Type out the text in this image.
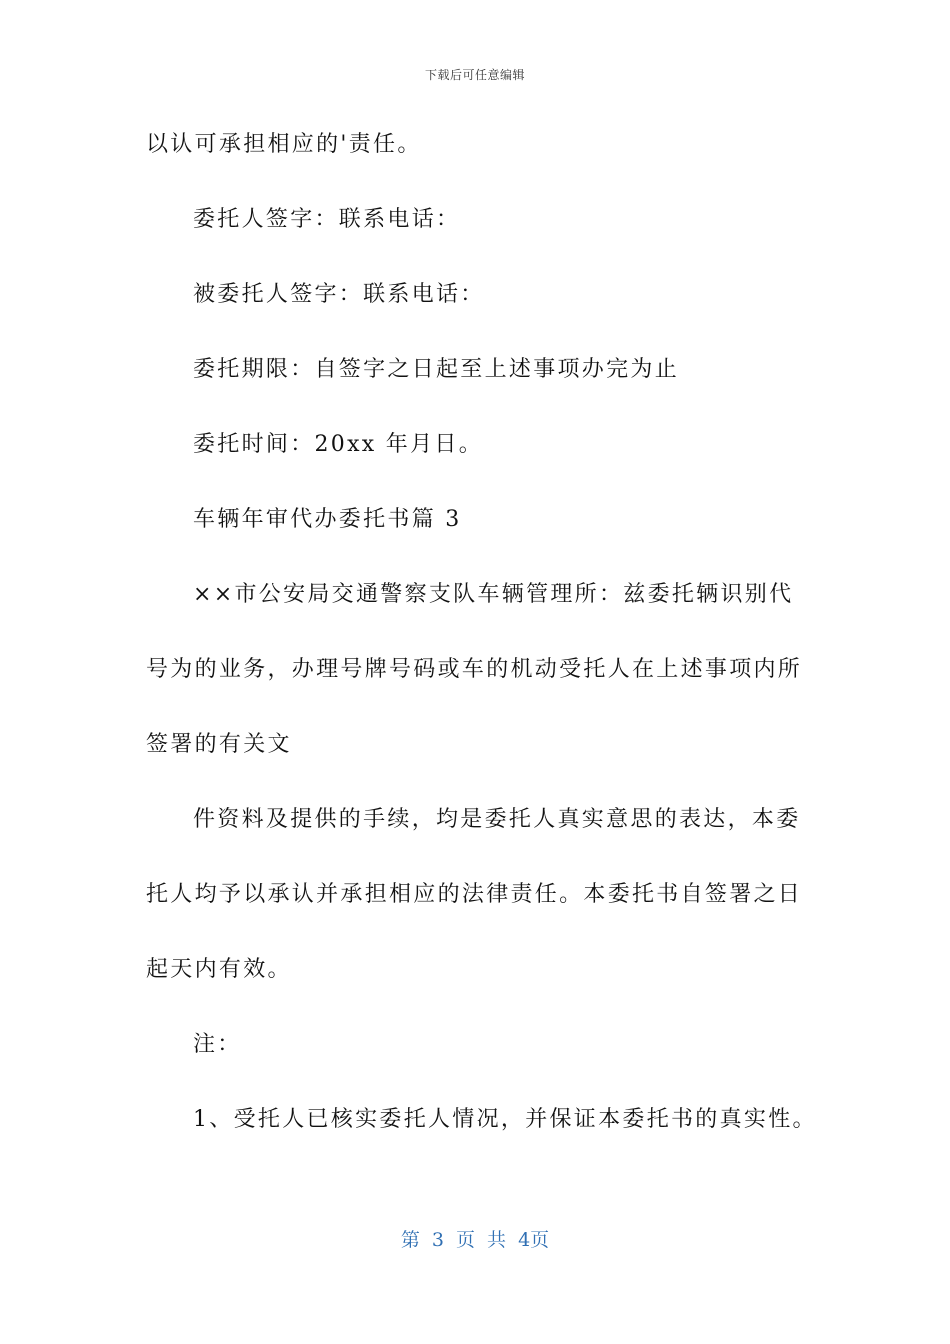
下载后可任意编辑
以认可承担相应的'责任。
委托人签字：联系电话：
被委托人签字：联系电话：
委托期限：自签字之日起至上述事项办完为止
委托时间：20xx 年月日。
车辆年审代办委托书篇 3
××市公安局交通警察支队车辆管理所：兹委托辆识别代
号为的业务，办理号牌号码或车的机动受托人在上述事项内所
签署的有关文
件资料及提供的手续，均是委托人真实意思的表达，本委
托人均予以承认并承担相应的法律责任。本委托书自签署之日
起天内有效。
注：
1、受托人已核实委托人情况，并保证本委托书的真实性。
第 3 页 共 4页
